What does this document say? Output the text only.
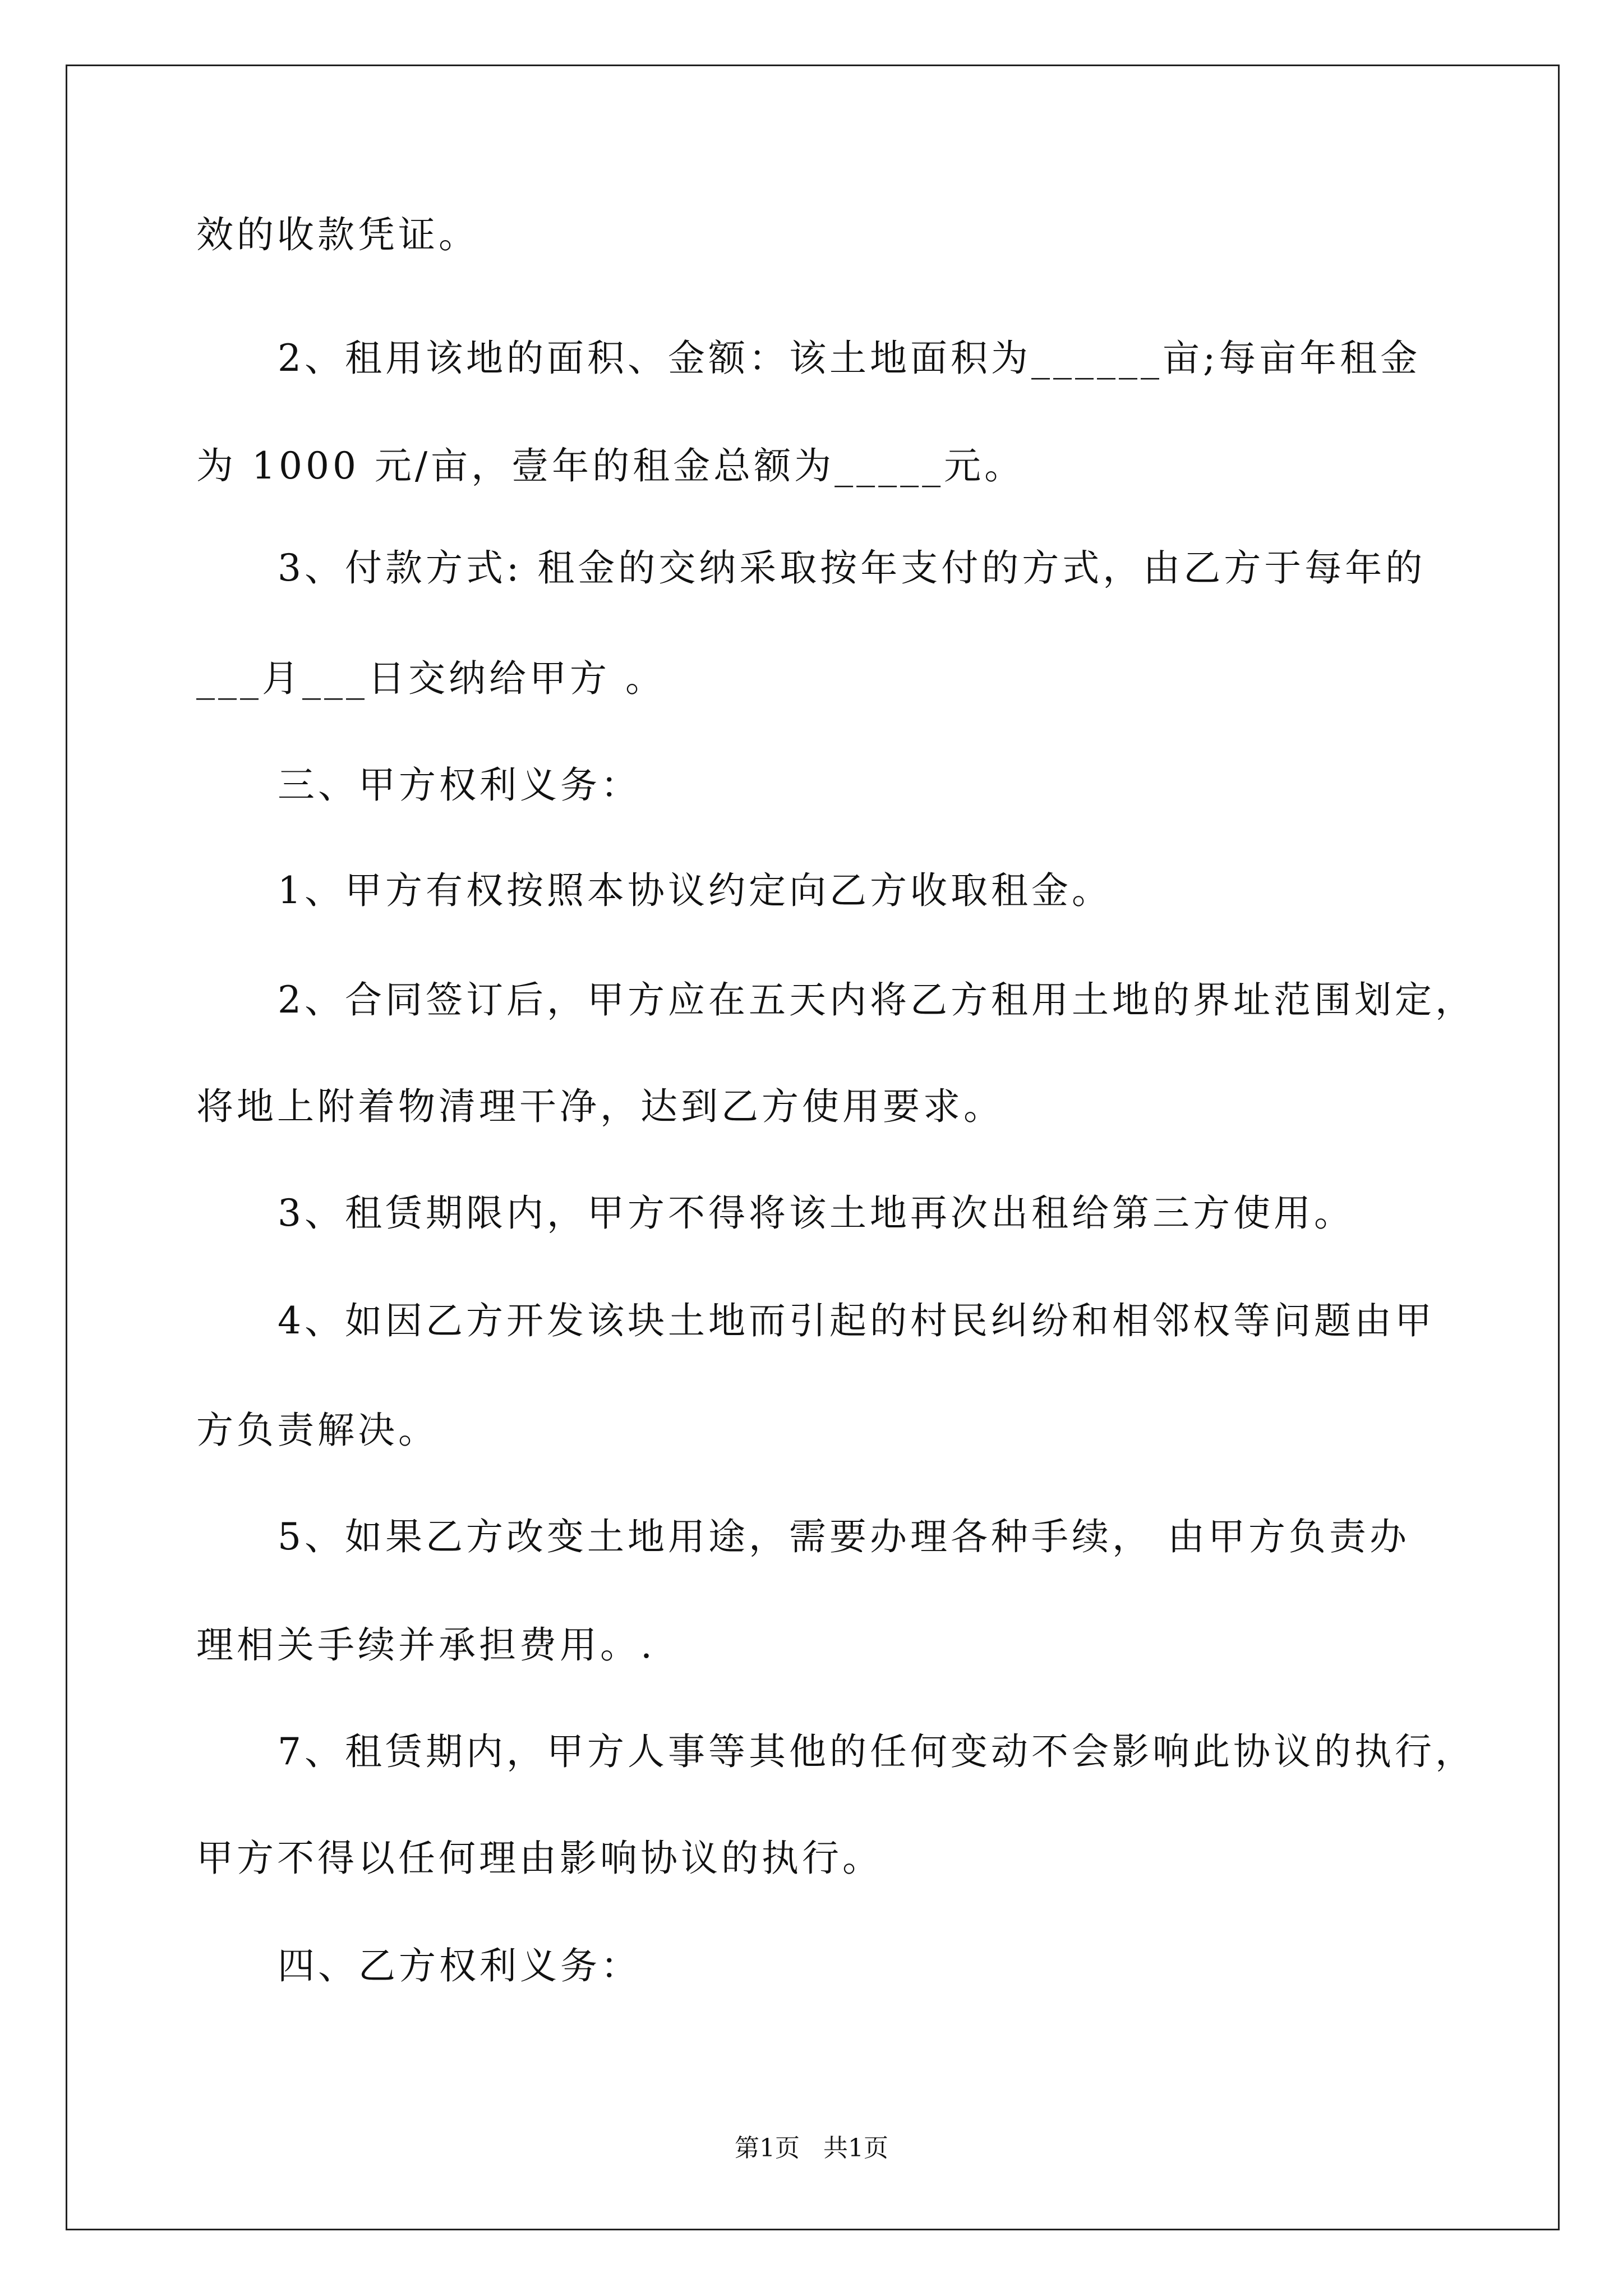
效的收款凭证。
2、租用该地的面积、金额：该土地面积为______亩;每亩年租金
为 1000 元/亩，壹年的租金总额为_____元。
3、付款方式: 租金的交纳采取按年支付的方式，由乙方于每年的
___月___日交纳给甲方 。
三、甲方权利义务：
1、甲方有权按照本协议约定向乙方收取租金。
2、合同签订后，甲方应在五天内将乙方租用土地的界址范围划定，
将地上附着物清理干净，达到乙方使用要求。
3、租赁期限内，甲方不得将该土地再次出租给第三方使用。
4、如因乙方开发该块土地而引起的村民纠纷和相邻权等问题由甲
方负责解决。
5、如果乙方改变土地用途，需要办理各种手续， 由甲方负责办
理相关手续并承担费用。.
7、租赁期内，甲方人事等其他的任何变动不会影响此协议的执行，
甲方不得以任何理由影响协议的执行。
四、乙方权利义务：
第1页   共1页
